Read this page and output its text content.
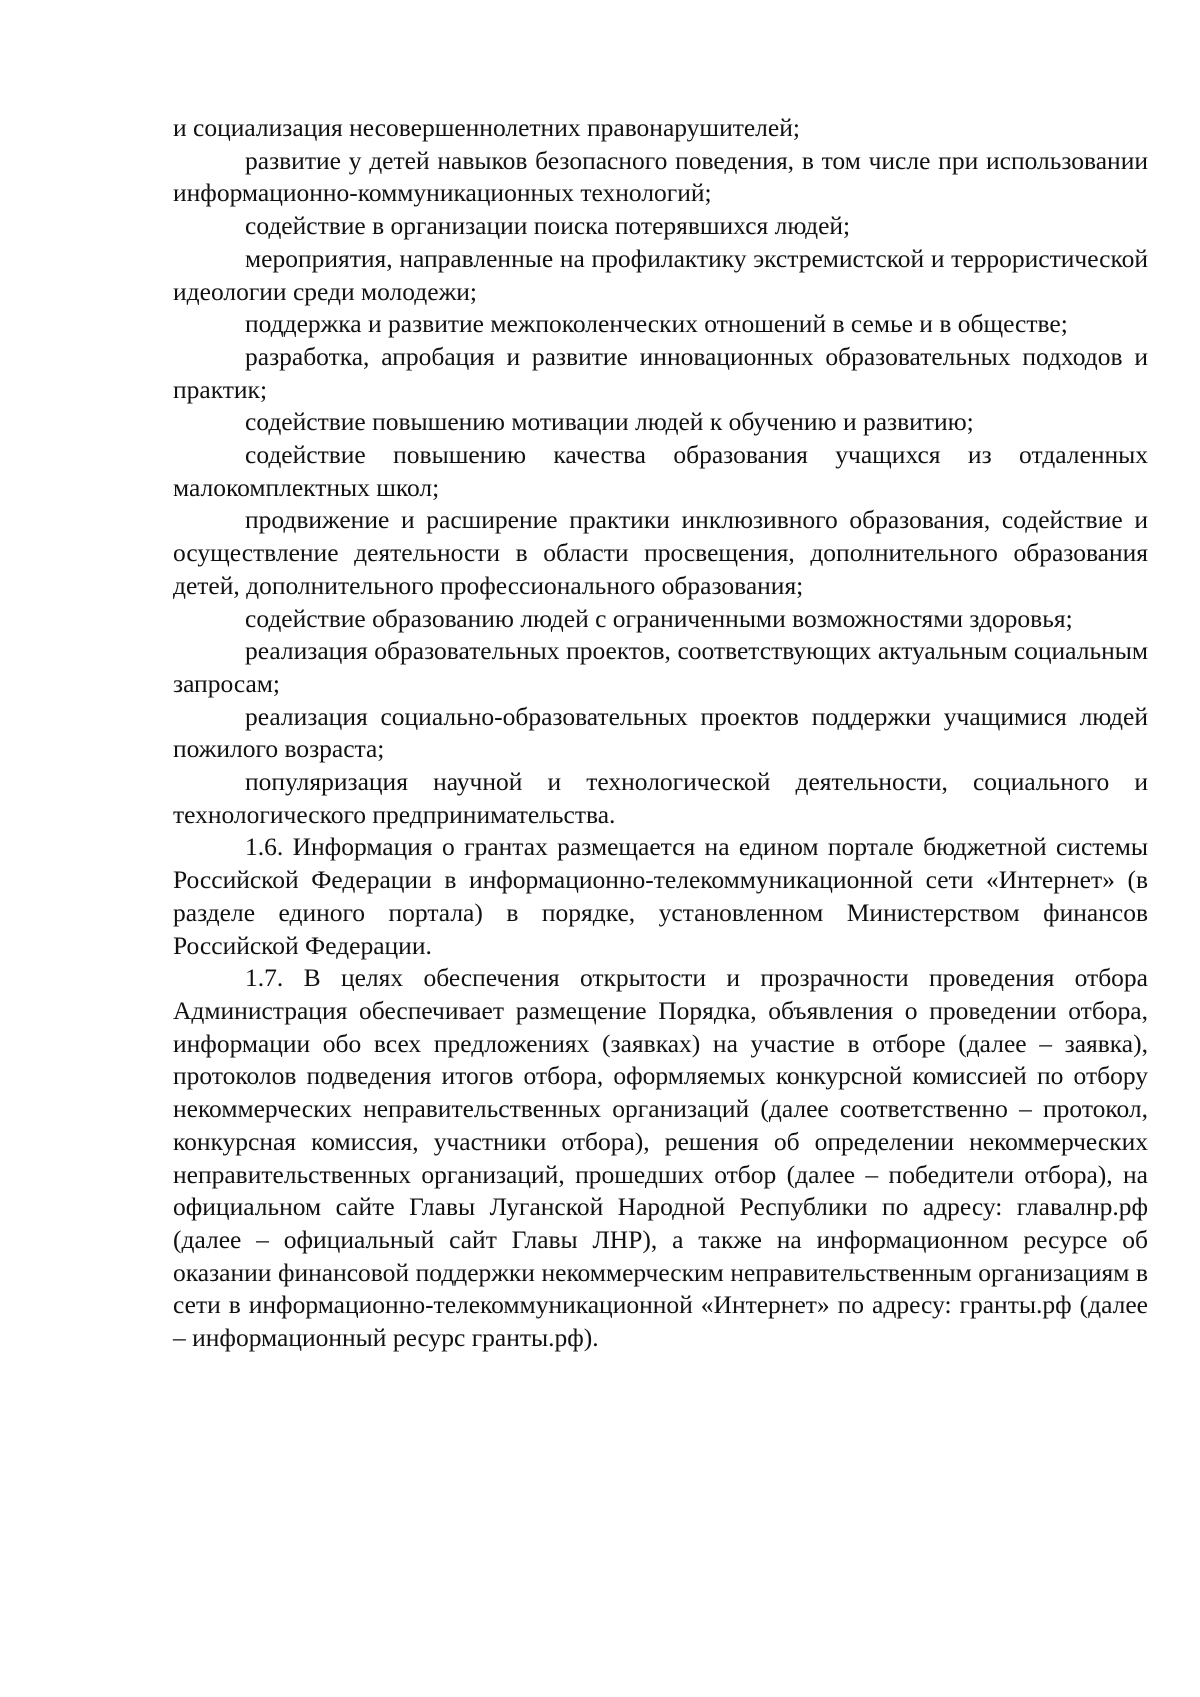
и социализация несовершеннолетних правонарушителей;

развитие у детей навыков безопасного поведения, в том числе при использовании информационно-коммуникационных технологий;

содействие в организации поиска потерявшихся людей;

мероприятия, направленные на профилактику экстремистской и террористической идеологии среди молодежи;

поддержка и развитие межпоколенческих отношений в семье и в обществе;

разработка, апробация и развитие инновационных образовательных подходов и практик;

содействие повышению мотивации людей к обучению и развитию;

содействие повышению качества образования учащихся из отдаленных малокомплектных школ;

продвижение и расширение практики инклюзивного образования, содействие и осуществление деятельности в области просвещения, дополнительного образования детей, дополнительного профессионального образования;

содействие образованию людей с ограниченными возможностями здоровья;

реализация образовательных проектов, соответствующих актуальным социальным запросам;

реализация социально-образовательных проектов поддержки учащимися людей пожилого возраста;

популяризация научной и технологической деятельности, социального и технологического предпринимательства.

1.6. Информация о грантах размещается на едином портале бюджетной системы Российской Федерации в информационно-телекоммуникационной сети «Интернет» (в разделе единого портала) в порядке, установленном Министерством финансов Российской Федерации.

1.7. В целях обеспечения открытости и прозрачности проведения отбора Администрация обеспечивает размещение Порядка, объявления о проведении отбора, информации обо всех предложениях (заявках) на участие в отборе (далее – заявка), протоколов подведения итогов отбора, оформляемых конкурсной комиссией по отбору некоммерческих неправительственных организаций (далее соответственно – протокол, конкурсная комиссия, участники отбора), решения об определении некоммерческих неправительственных организаций, прошедших отбор (далее – победители отбора), на официальном сайте Главы Луганской Народной Республики по адресу: главалнр.рф (далее – официальный сайт Главы ЛНР), а также на информационном ресурсе об оказании финансовой поддержки некоммерческим неправительственным организациям в сети в информационно-телекоммуникационной «Интернет» по адресу: гранты.рф (далее – информационный ресурс гранты.рф).
